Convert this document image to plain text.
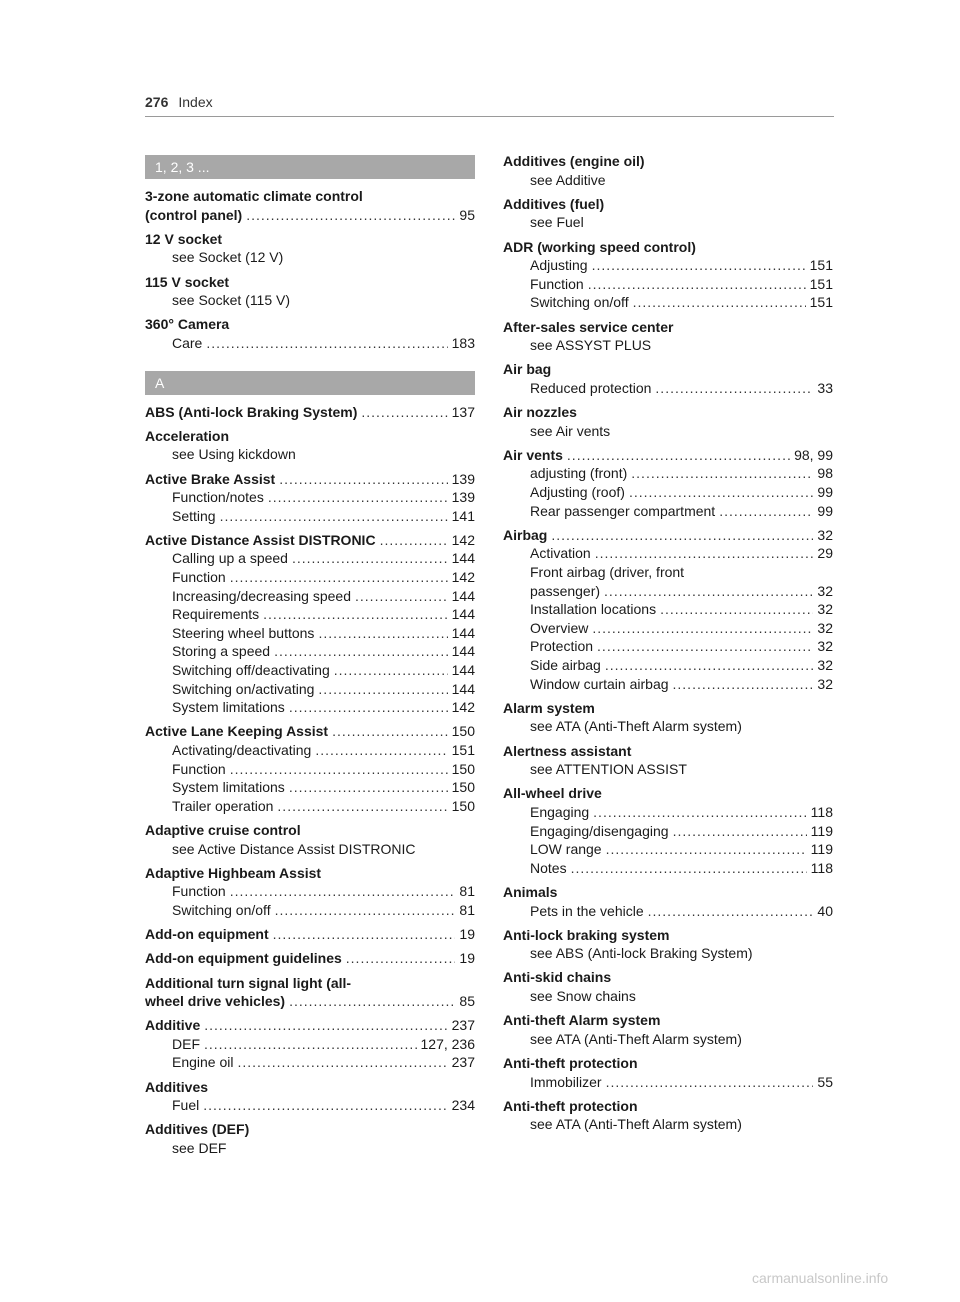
276 Index
1, 2, 3 ...
3-zone automatic climate control
(control panel) .....	95
12 V socket
see Socket (12 V)
115 V socket
see Socket (115 V)
360° Camera
Care .....	183
A
ABS (Anti-lock Braking System) .....	137
Acceleration
see Using kickdown
Active Brake Assist .....	139
Function/notes .....	139
Setting .....	141
Active Distance Assist DISTRONIC .....	142
Calling up a speed .....	144
Function .....	142
Increasing/decreasing speed .....	144
Requirements .....	144
Steering wheel buttons .....	144
Storing a speed .....	144
Switching off/deactivating .....	144
Switching on/activating .....	144
System limitations .....	142
Active Lane Keeping Assist .....	150
Activating/deactivating .....	151
Function .....	150
System limitations .....	150
Trailer operation .....	150
Adaptive cruise control
see Active Distance Assist DISTRONIC
Adaptive Highbeam Assist
Function .....	81
Switching on/off .....	81
Add-on equipment .....	19
Add-on equipment guidelines .....	19
Additional turn signal light (all-
wheel drive vehicles) .....	85
Additive .....	237
DEF .....	127, 236
Engine oil .....	237
Additives
Fuel .....	234
Additives (DEF)
see DEF
Additives (engine oil)
see Additive
Additives (fuel)
see Fuel
ADR (working speed control)
Adjusting .....	151
Function .....	151
Switching on/off .....	151
After-sales service center
see ASSYST PLUS
Air bag
Reduced protection .....	33
Air nozzles
see Air vents
Air vents .....	98, 99
adjusting (front) .....	98
Adjusting (roof) .....	99
Rear passenger compartment .....	99
Airbag .....	32
Activation .....	29
Front airbag (driver, front
passenger) .....	32
Installation locations .....	32
Overview .....	32
Protection .....	32
Side airbag .....	32
Window curtain airbag .....	32
Alarm system
see ATA (Anti-Theft Alarm system)
Alertness assistant
see ATTENTION ASSIST
All-wheel drive
Engaging .....	118
Engaging/disengaging .....	119
LOW range .....	119
Notes .....	118
Animals
Pets in the vehicle .....	40
Anti-lock braking system
see ABS (Anti-lock Braking System)
Anti-skid chains
see Snow chains
Anti-theft Alarm system
see ATA (Anti-Theft Alarm system)
Anti-theft protection
Immobilizer .....	55
Anti-theft protection
see ATA (Anti-Theft Alarm system)
carmanualsonline.info
